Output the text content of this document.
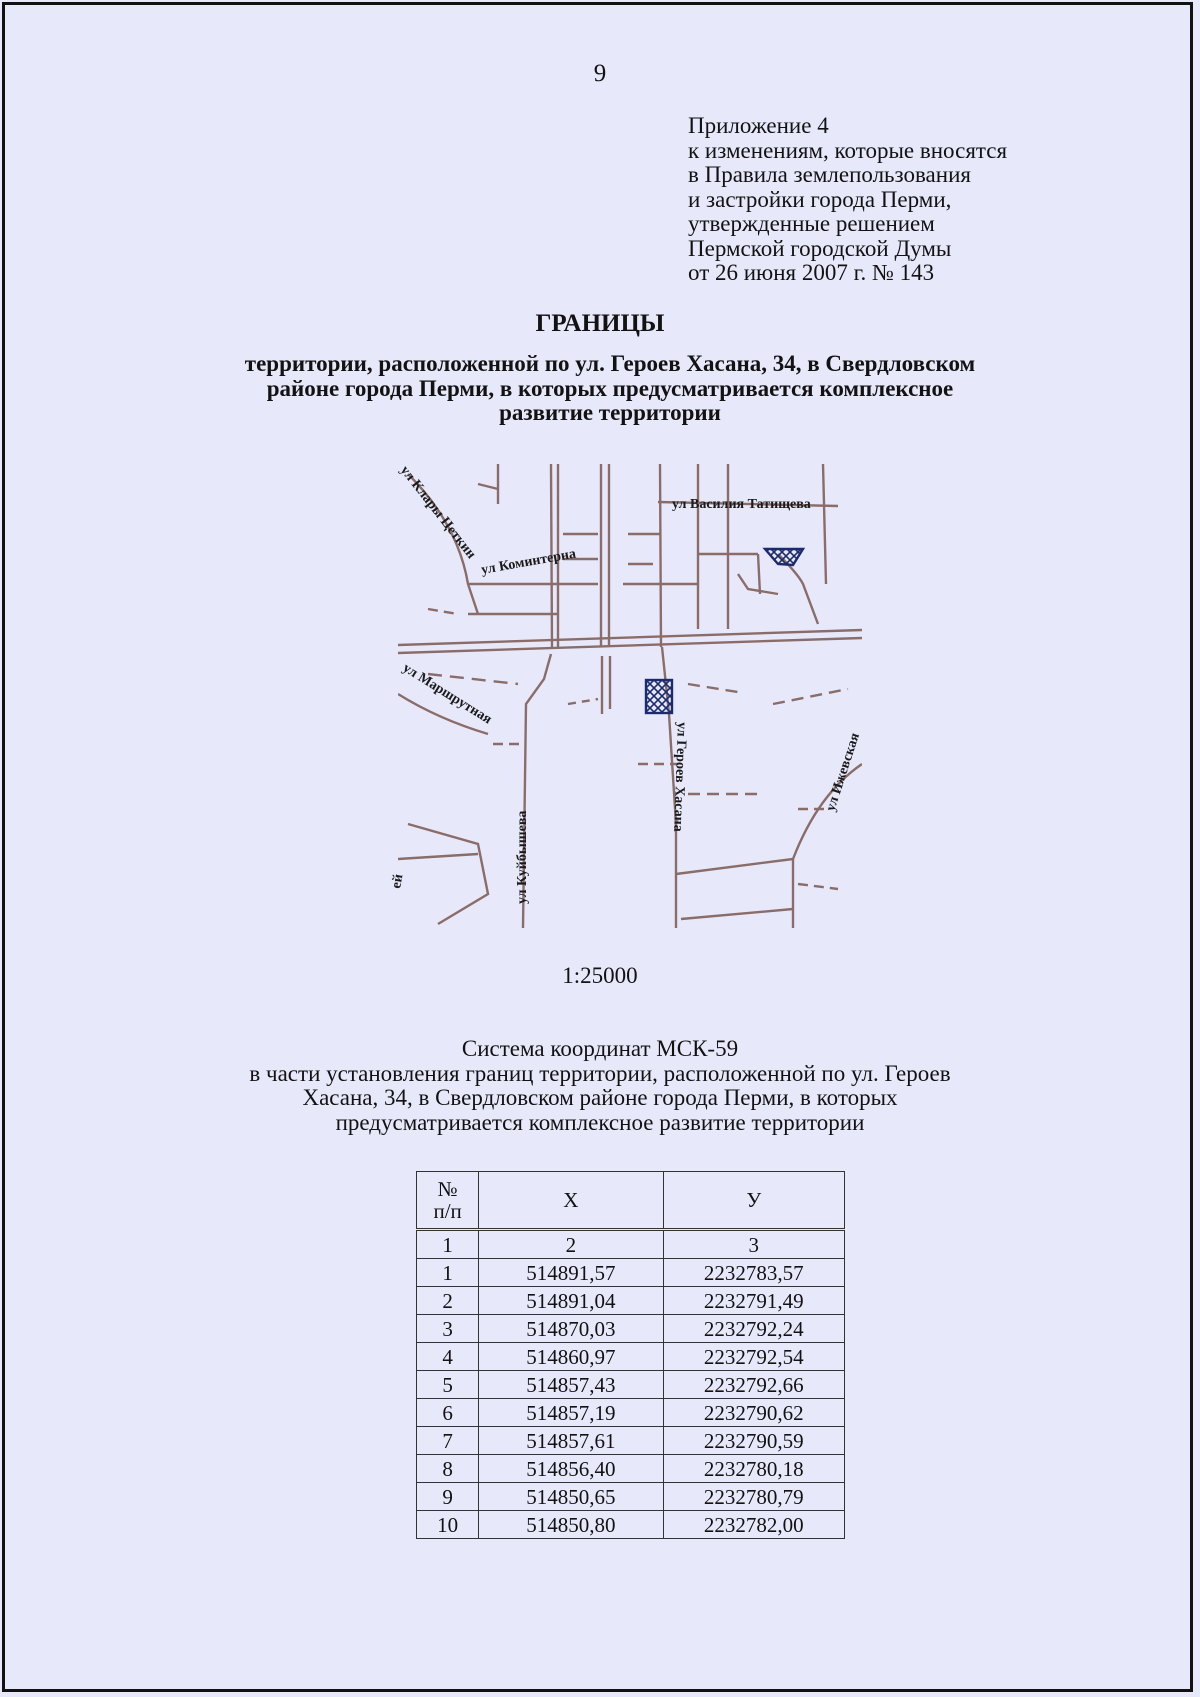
9
Приложение 4
к изменениям, которые вносятся
в Правила землепользования
и застройки города Перми,
утвержденные решением
Пермской городской Думы
от 26 июня 2007 г. № 143
ГРАНИЦЫ
территории, расположенной по ул. Героев Хасана, 34, в Свердловском
районе города Перми, в которых предусматривается комплексное
развитие территории
ул Василия Татищева
ул Коминтерна
ул Клары Цеткин
ул Маршрутная
ул Куйбышева
ул Героев Хасана	ул Ижевская
ей
1:25000
Система координат МСК-59
в части установления границ территории, расположенной по ул. Героев
Хасана, 34, в Свердловском районе города Перми, в которых
предусматривается комплексное развитие территории
№
п/п	Х	У
1	2	3
1	514891,57	2232783,57
2	514891,04	2232791,49
3	514870,03	2232792,24
4	514860,97	2232792,54
5	514857,43	2232792,66
6	514857,19	2232790,62
7	514857,61	2232790,59
8	514856,40	2232780,18
9	514850,65	2232780,79
10	514850,80	2232782,00
